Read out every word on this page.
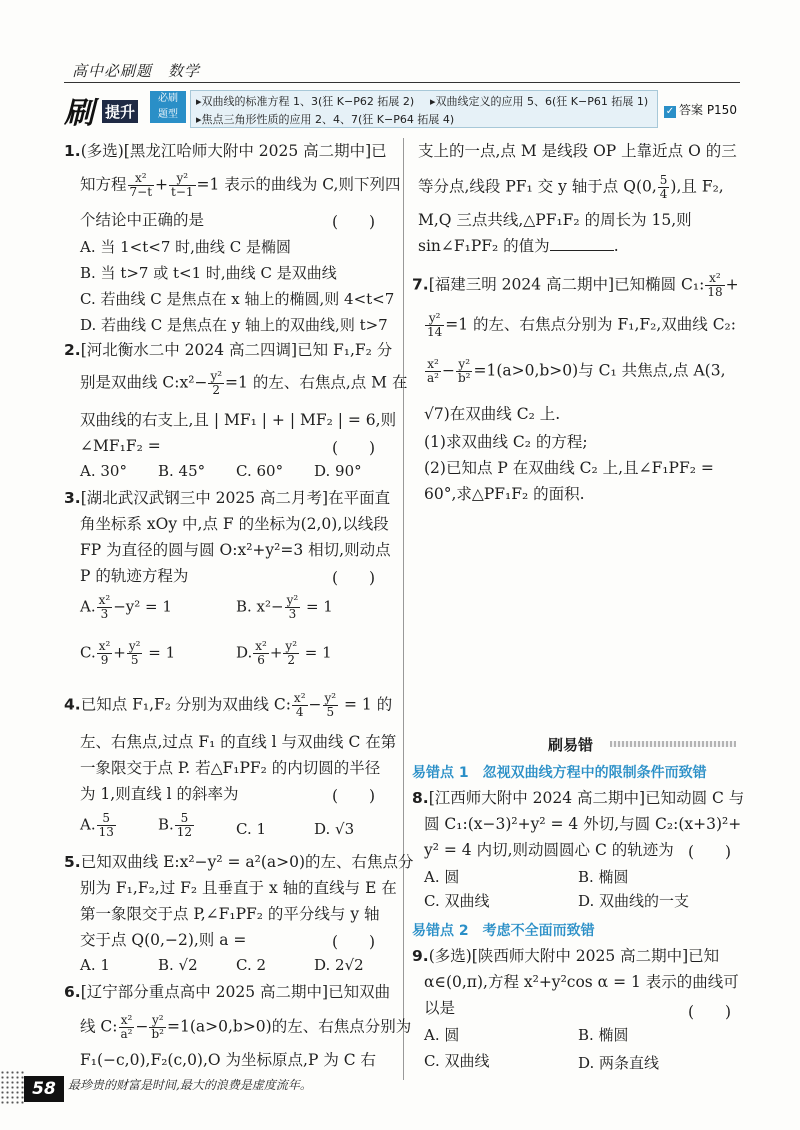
高中必刷题　数学
刷 提升
必刷
题型
▸双曲线的标准方程 1、3(狂 K−P62 拓展 2) ▸双曲线定义的应用 5、6(狂 K−P61 拓展 1)
▸焦点三角形性质的应用 2、4、7(狂 K−P64 拓展 4)
✓ 答案 P150
1.(多选)[黑龙江哈师大附中 2025 高二期中]已
知方程 $\frac{\text{x²}}{7-t} + \frac{\text{y²}}{t-1} =1$ 表示的曲线为 C,则下列四
个结论中正确的是	(　　)
A. 当 1<t<7 时,曲线 C 是椭圆
B. 当 t>7 或 t<1 时,曲线 C 是双曲线
C. 若曲线 C 是焦点在 x 轴上的椭圆,则 4<t<7
D. 若曲线 C 是焦点在 y 轴上的双曲线,则 t>7
2.[河北衡水二中 2024 高二四调]已知 F₁,F₂ 分
别是双曲线 C:x²− $\frac{\text{y²}}{2} =1$ 的左、右焦点,点 M 在
双曲线的右支上,且 | MF₁ | + | MF₂ | = 6,则
∠MF₁F₂ =	(　　)
A. 30° B. 45° C. 60° D. 90°
3.[湖北武汉武钢三中 2025 高二月考]在平面直
角坐标系 xOy 中,点 F 的坐标为(2,0),以线段
FP 为直径的圆与圆 O:x²+y²=3 相切,则动点
P 的轨迹方程为	(　　)
A. $\frac{\text{x²}}{3} -y^2 = 1$	B. $x^2- \frac{\text{y²}}{3} = 1$
C. $\frac{\text{x²}}{9} + \frac{\text{y²}}{5} = 1$	D. $\frac{\text{x²}}{6} + \frac{\text{y²}}{2} = 1$
4.已知点 F₁,F₂ 分别为双曲线 C: $\frac{\text{x²}}{4} - \frac{\text{y²}}{5} = 1$ 的
左、右焦点,过点 F₁ 的直线 l 与双曲线 C 在第
一象限交于点 P. 若△F₁PF₂ 的内切圆的半径
为 1,则直线 l 的斜率为	(　　)
A. $\frac{5}{13}$	B. $\frac{5}{12}$	C. 1	D. √3
5.已知双曲线 E:x²−y² = a²(a>0)的左、右焦点分
别为 F₁,F₂,过 F₂ 且垂直于 x 轴的直线与 E 在
第一象限交于点 P,∠F₁PF₂ 的平分线与 y 轴
交于点 Q(0,−2),则 a =	(　　)
A. 1	B. √2	C. 2	D. 2√2
6.[辽宁部分重点高中 2025 高二期中]已知双曲
线 C: $\frac{\text{x²}}{\text{a²}} - \frac{\text{y²}}{\text{b²}} =1(a>0,b>0)$的左、右焦点分别为
F₁(−c,0),F₂(c,0),O 为坐标原点,P 为 C 右
支上的一点,点 M 是线段 OP 上靠近点 O 的三
等分点,线段 PF₁ 交 y 轴于点 Q(0, $\frac{5}{4}$ ),且 F₂,
M,Q 三点共线,△PF₁F₂ 的周长为 15,则
sin∠F₁PF₂ 的值为	.
7.[福建三明 2024 高二期中]已知椭圆 C₁: $\frac{\text{x²}}{18}$ +
$\frac{\text{y²}}{14} =1$ 的左、右焦点分别为 F₁,F₂,双曲线 C₂:
$\frac{\text{x²}}{\text{a²}} - \frac{\text{y²}}{\text{b²}} =1(a>0,b>0)$与 C₁ 共焦点,点 A(3,
√7)在双曲线 C₂ 上.
(1)求双曲线 C₂ 的方程;
(2)已知点 P 在双曲线 C₂ 上,且∠F₁PF₂ =
60°,求△PF₁F₂ 的面积.
刷易错
易错点 1　忽视双曲线方程中的限制条件而致错
8.[江西师大附中 2024 高二期中]已知动圆 C 与
圆 C₁:(x−3)²+y² = 4 外切,与圆 C₂:(x+3)²+
y² = 4 内切,则动圆圆心 C 的轨迹为 (　　)
A. 圆	B. 椭圆
C. 双曲线	D. 双曲线的一支
易错点 2　考虑不全面而致错
9.(多选)[陕西师大附中 2025 高二期中]已知
α∈(0,π),方程 x²+y²cos α = 1 表示的曲线可
以是	(　　)
A. 圆	B. 椭圆
C. 双曲线	D. 两条直线
58	最珍贵的财富是时间,最大的浪费是虚度流年。
